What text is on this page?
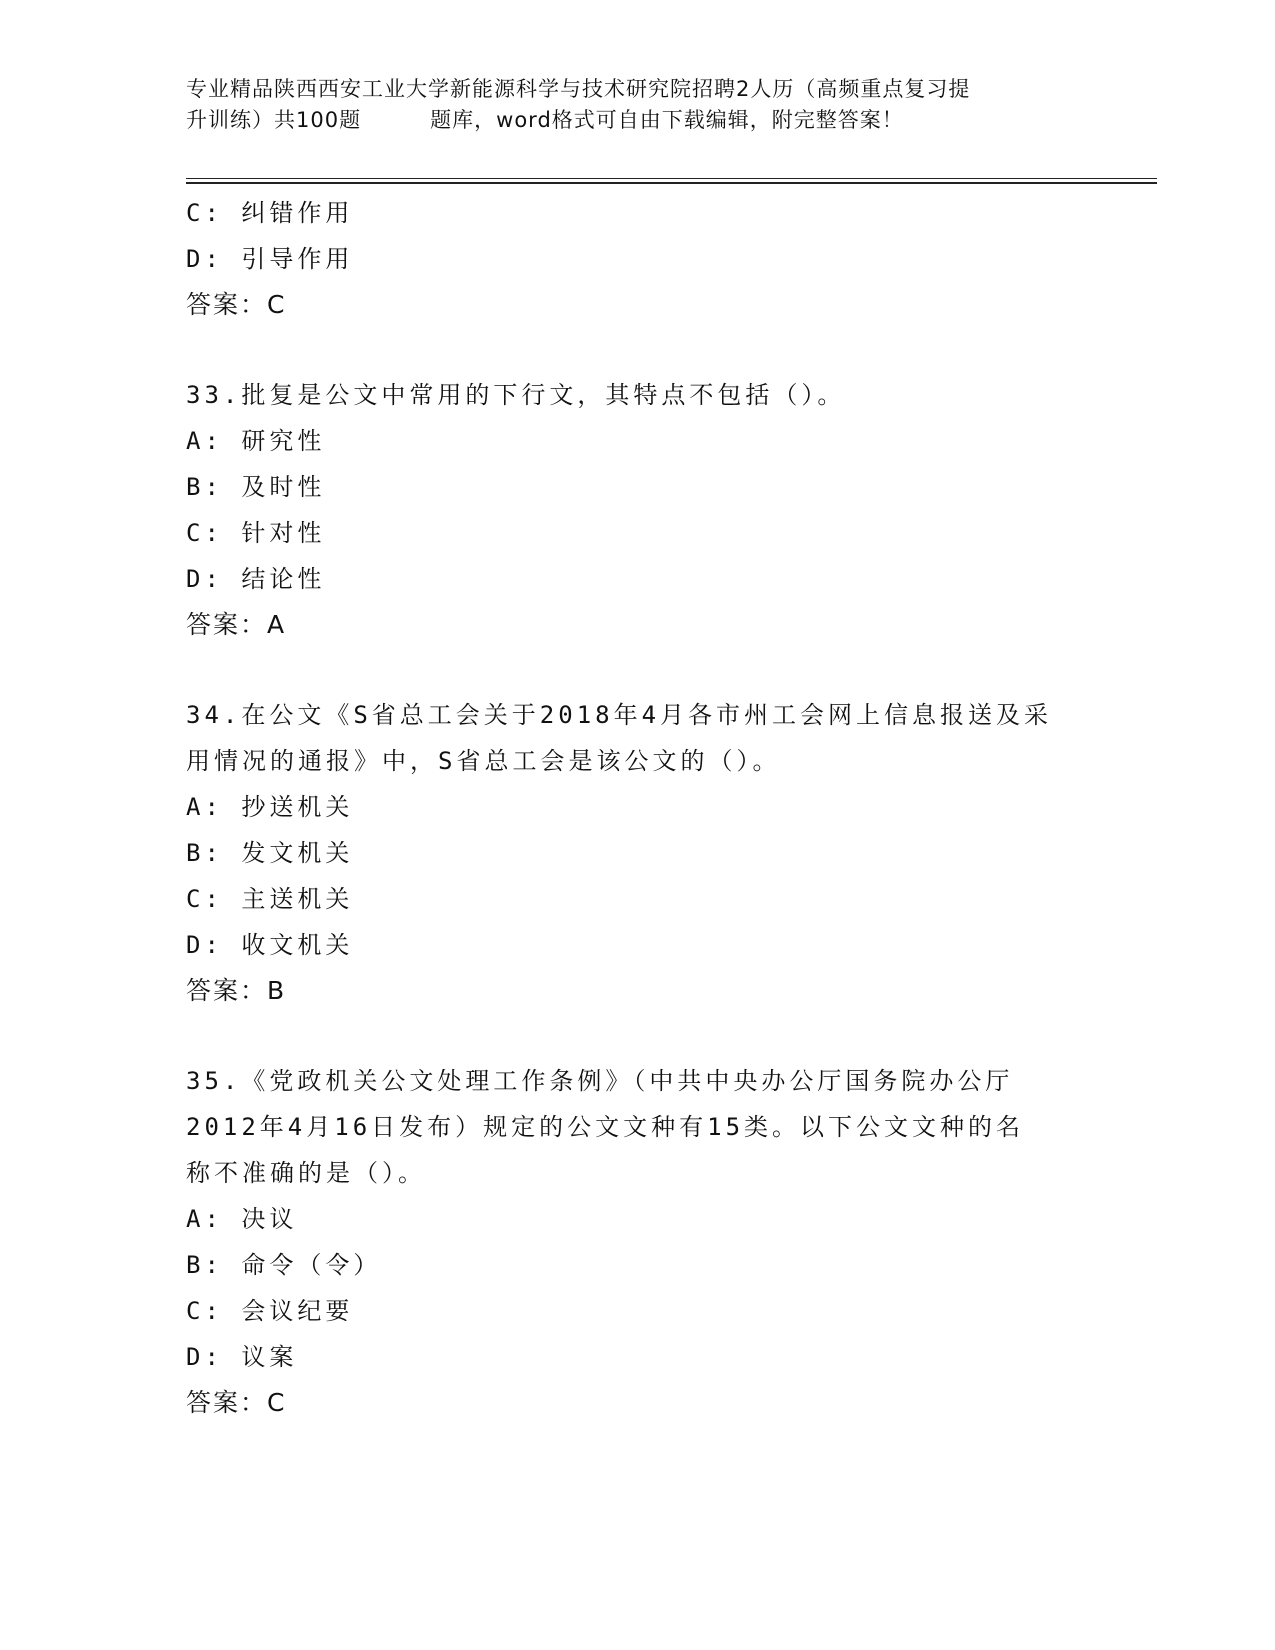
专业精品陕西西安工业大学新能源科学与技术研究院招聘2人历（高频重点复习提
升训练）共100题         题库，word格式可自由下载编辑，附完整答案！
C: 纠错作用
D: 引导作用
答案：C
33.批复是公文中常用的下行文，其特点不包括（）。
A: 研究性
B: 及时性
C: 针对性
D: 结论性
答案：A
34.在公文《S省总工会关于2018年4月各市州工会网上信息报送及采
用情况的通报》中，S省总工会是该公文的（）。
A: 抄送机关
B: 发文机关
C: 主送机关
D: 收文机关
答案：B
35.《党政机关公文处理工作条例》（中共中央办公厅国务院办公厅
2012年4月16日发布）规定的公文文种有15类。以下公文文种的名
称不准确的是（）。
A: 决议
B: 命令（令）
C: 会议纪要
D: 议案
答案：C
